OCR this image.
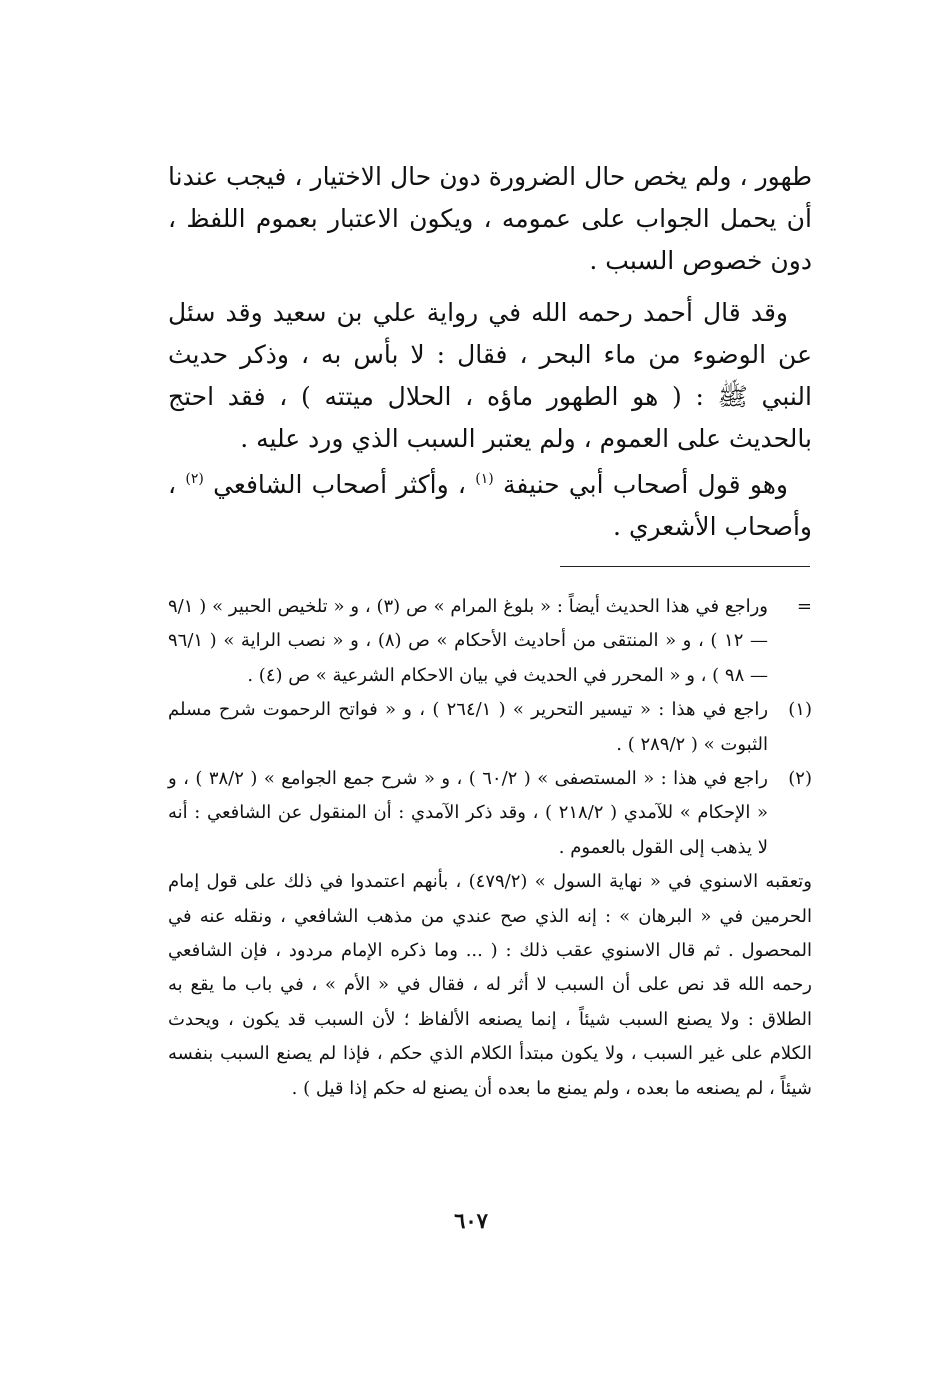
طهور ، ولم يخص حال الضرورة دون حال الاختيار ، فيجب عندنا أن يحمل الجواب على عمومه ، ويكون الاعتبار بعموم اللفظ ، دون خصوص السبب .

وقد قال أحمد رحمه الله في رواية علي بن سعيد وقد سئل عن الوضوء من ماء البحر ، فقال : لا بأس به ، وذكر حديث النبي ﷺ : ( هو الطهور ماؤه ، الحلال ميتته ) ، فقد احتج بالحديث على العموم ، ولم يعتبر السبب الذي ورد عليه .

وهو قول أصحاب أبي حنيفة $^{(١)}$ ، وأكثر أصحاب الشافعي $^{(٢)}$ ، وأصحاب الأشعري .

=
وراجع في هذا الحديث أيضاً : « بلوغ المرام » ص (٣) ، و « تلخيص الحبير » ( ٩/١ — ١٢ ) ، و « المنتقى من أحاديث الأحكام » ص (٨) ، و « نصب الراية » ( ٩٦/١ — ٩٨ ) ، و « المحرر في الحديث في بيان الاحكام الشرعية » ص (٤) .
(١)
راجع في هذا : « تيسير التحرير » ( ٢٦٤/١ ) ، و « فواتح الرحموت شرح مسلم الثبوت » ( ٢٨٩/٢ ) .
(٢)
راجع في هذا : « المستصفى » ( ٦٠/٢ ) ، و « شرح جمع الجوامع » ( ٣٨/٢ ) ، و « الإحكام » للآمدي ( ٢١٨/٢ ) ، وقد ذكر الآمدي : أن المنقول عن الشافعي : أنه لا يذهب إلى القول بالعموم .
وتعقبه الاسنوي في « نهاية السول » (٤٧٩/٢) ، بأنهم اعتمدوا في ذلك على قول إمام الحرمين في « البرهان » : إنه الذي صح عندي من مذهب الشافعي ، ونقله عنه في المحصول . ثم قال الاسنوي عقب ذلك : ( ... وما ذكره الإمام مردود ، فإن الشافعي رحمه الله قد نص على أن السبب لا أثر له ، فقال في « الأم » ، في باب ما يقع به الطلاق : ولا يصنع السبب شيئاً ، إنما يصنعه الألفاظ ؛ لأن السبب قد يكون ، ويحدث الكلام على غير السبب ، ولا يكون مبتدأ الكلام الذي حكم ، فإذا لم يصنع السبب بنفسه شيئاً ، لم يصنعه ما بعده ، ولم يمنع ما بعده أن يصنع له حكم إذا قيل ) .
٦٠٧
